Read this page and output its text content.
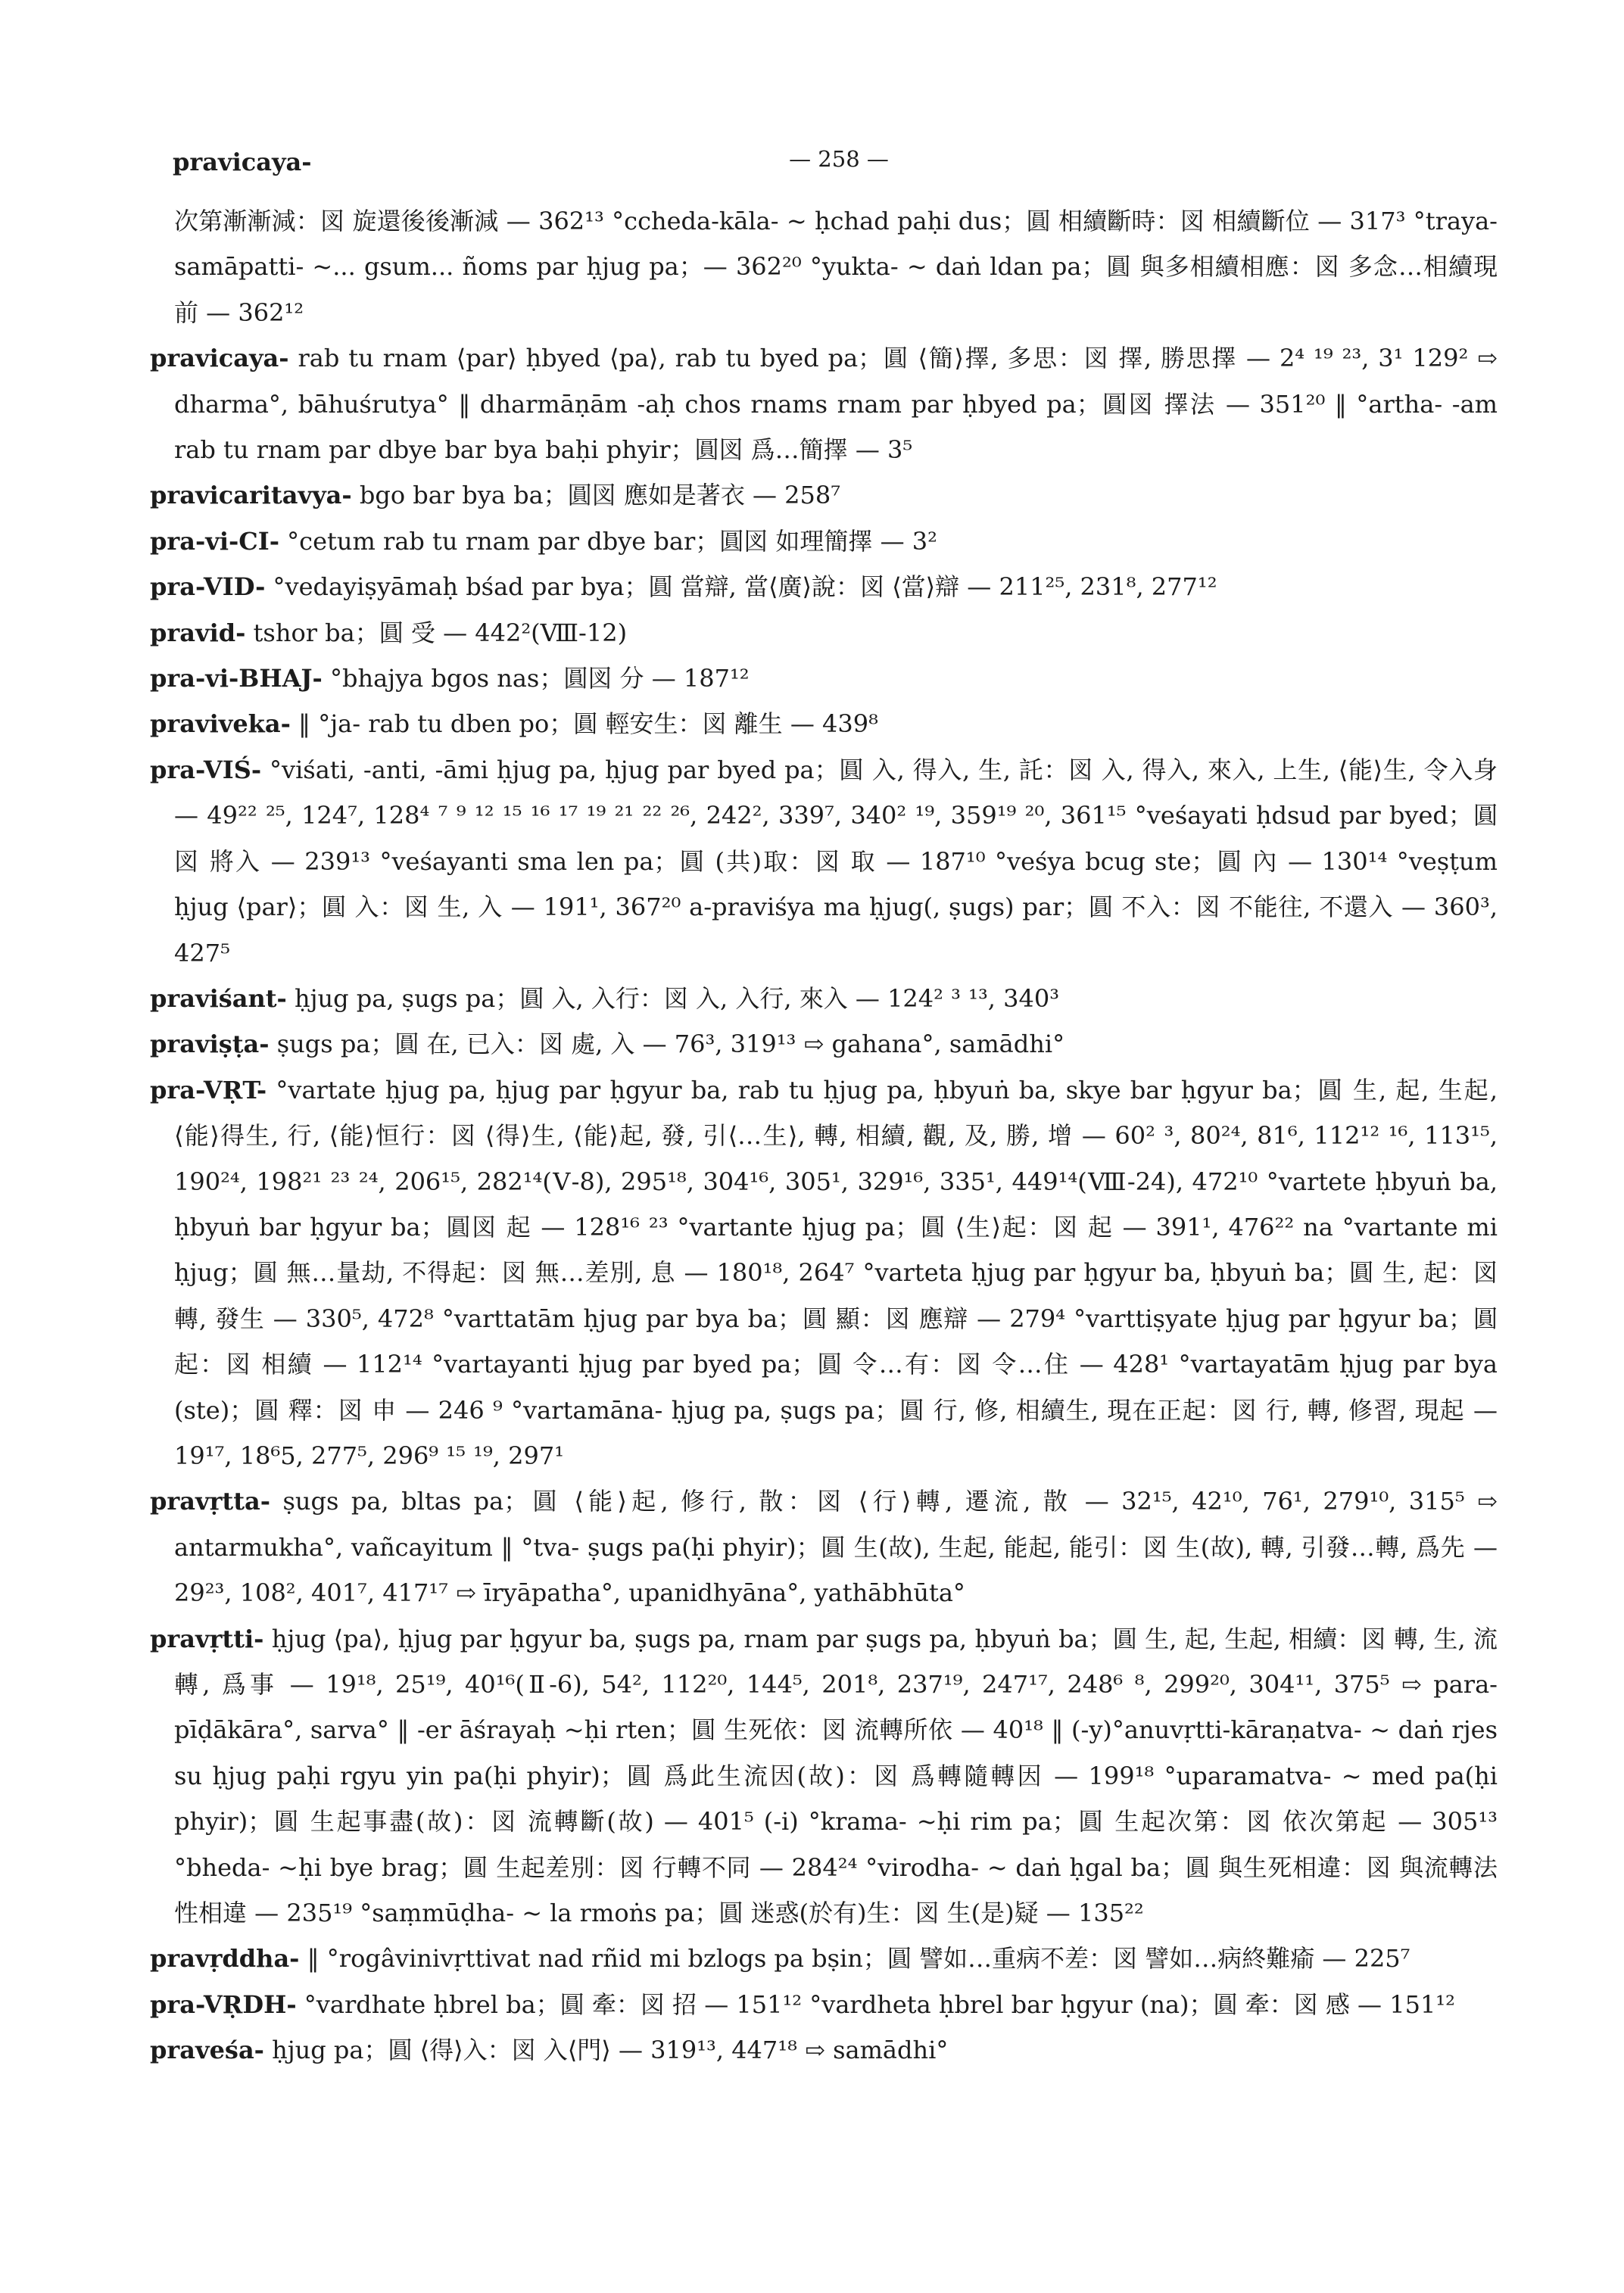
pravicaya-	— 258 —
次第漸漸減：図 旋還後後漸減 — 362¹³ °ccheda-kāla- ~ ḥchad paḥi dus；圓 相續斷時：図 相續斷位 — 317³ °traya-samāpatti- ~... gsum... ñoms par ḥjug pa；— 362²⁰ °yukta- ~ daṅ ldan pa；圓 與多相續相應：図 多念…相續現前 — 362¹²
pravicaya- rab tu rnam ⟨par⟩ ḥbyed ⟨pa⟩, rab tu byed pa；圓 ⟨簡⟩擇, 多思：図 擇, 勝思擇 — 2⁴ ¹⁹ ²³, 3¹ 129² ⇨ dharma°, bāhuśrutya° ‖ dharmāṇām -aḥ chos rnams rnam par ḥbyed pa；圓図 擇法 — 351²⁰ ‖ °artha- -am rab tu rnam par dbye bar bya baḥi phyir；圓図 爲…簡擇 — 3⁵
pravicaritavya- bgo bar bya ba；圓図 應如是著衣 — 258⁷
pra-vi-CI- °cetum rab tu rnam par dbye bar；圓図 如理簡擇 — 3²
pra-VID- °vedayiṣyāmaḥ bśad par bya；圓 當辯, 當⟨廣⟩說：図 ⟨當⟩辯 — 211²⁵, 231⁸, 277¹²
pravid- tshor ba；圓 受 — 442²(Ⅷ-12)
pra-vi-BHAJ- °bhajya bgos nas；圓図 分 — 187¹²
praviveka- ‖ °ja- rab tu dben po；圓 輕安生：図 離生 — 439⁸
pra-VIŚ- °viśati, -anti, -āmi ḥjug pa, ḥjug par byed pa；圓 入, 得入, 生, 託：図 入, 得入, 來入, 上生, ⟨能⟩生, 令入身 — 49²² ²⁵, 124⁷, 128⁴ ⁷ ⁹ ¹² ¹⁵ ¹⁶ ¹⁷ ¹⁹ ²¹ ²² ²⁶, 242², 339⁷, 340² ¹⁹, 359¹⁹ ²⁰, 361¹⁵ °veśayati ḥdsud par byed；圓図 將入 — 239¹³ °veśayanti sma len pa；圓 (共)取：図 取 — 187¹⁰ °veśya bcug ste；圓 內 — 130¹⁴ °veṣṭum ḥjug ⟨par⟩；圓 入：図 生, 入 — 191¹, 367²⁰ a-praviśya ma ḥjug(, ṣugs) par；圓 不入：図 不能往, 不還入 — 360³, 427⁵
praviśant- ḥjug pa, ṣugs pa；圓 入, 入行：図 入, 入行, 來入 — 124² ³ ¹³, 340³
praviṣṭa- ṣugs pa；圓 在, 已入：図 處, 入 — 76³, 319¹³ ⇨ gahana°, samādhi°
pra-VṚT- °vartate ḥjug pa, ḥjug par ḥgyur ba, rab tu ḥjug pa, ḥbyuṅ ba, skye bar ḥgyur ba；圓 生, 起, 生起, ⟨能⟩得生, 行, ⟨能⟩恒行：図 ⟨得⟩生, ⟨能⟩起, 發, 引⟨…生⟩, 轉, 相續, 觀, 及, 勝, 增 — 60² ³, 80²⁴, 81⁶, 112¹² ¹⁶, 113¹⁵, 190²⁴, 198²¹ ²³ ²⁴, 206¹⁵, 282¹⁴(Ⅴ-8), 295¹⁸, 304¹⁶, 305¹, 329¹⁶, 335¹, 449¹⁴(Ⅷ-24), 472¹⁰ °vartete ḥbyuṅ ba, ḥbyuṅ bar ḥgyur ba；圓図 起 — 128¹⁶ ²³ °vartante ḥjug pa；圓 ⟨生⟩起：図 起 — 391¹, 476²² na °vartante mi ḥjug；圓 無…量劫, 不得起：図 無…差別, 息 — 180¹⁸, 264⁷ °varteta ḥjug par ḥgyur ba, ḥbyuṅ ba；圓 生, 起：図 轉, 發生 — 330⁵, 472⁸ °varttatām ḥjug par bya ba；圓 顯：図 應辯 — 279⁴ °varttiṣyate ḥjug par ḥgyur ba；圓 起：図 相續 — 112¹⁴ °vartayanti ḥjug par byed pa；圓 令…有：図 令…住 — 428¹ °vartayatām ḥjug par bya (ste)；圓 釋：図 申 — 246 ⁹ °vartamāna- ḥjug pa, ṣugs pa；圓 行, 修, 相續生, 現在正起：図 行, 轉, 修習, 現起 — 19¹⁷, 18⁶5, 277⁵, 296⁹ ¹⁵ ¹⁹, 297¹
pravṛtta- ṣugs pa, bltas pa；圓 ⟨能⟩起, 修行, 散：図 ⟨行⟩轉, 遷流, 散 — 32¹⁵, 42¹⁰, 76¹, 279¹⁰, 315⁵ ⇨ antarmukha°, vañcayitum ‖ °tva- ṣugs pa(ḥi phyir)；圓 生(故), 生起, 能起, 能引：図 生(故), 轉, 引發…轉, 爲先 — 29²³, 108², 401⁷, 417¹⁷ ⇨ īryāpatha°, upanidhyāna°, yathābhūta°
pravṛtti- ḥjug ⟨pa⟩, ḥjug par ḥgyur ba, ṣugs pa, rnam par ṣugs pa, ḥbyuṅ ba；圓 生, 起, 生起, 相續：図 轉, 生, 流轉, 爲事 — 19¹⁸, 25¹⁹, 40¹⁶(Ⅱ-6), 54², 112²⁰, 144⁵, 201⁸, 237¹⁹, 247¹⁷, 248⁶ ⁸, 299²⁰, 304¹¹, 375⁵ ⇨ para-pīḍākāra°, sarva° ‖ -er āśrayaḥ ~ḥi rten；圓 生死依：図 流轉所依 — 40¹⁸ ‖ (-y)°anuvṛtti-kāraṇatva- ~ daṅ rjes su ḥjug paḥi rgyu yin pa(ḥi phyir)；圓 爲此生流因(故)：図 爲轉隨轉因 — 199¹⁸ °uparamatva- ~ med pa(ḥi phyir)；圓 生起事盡(故)：図 流轉斷(故) — 401⁵ (-i) °krama- ~ḥi rim pa；圓 生起次第：図 依次第起 — 305¹³ °bheda- ~ḥi bye brag；圓 生起差別：図 行轉不同 — 284²⁴ °virodha- ~ daṅ ḥgal ba；圓 與生死相違：図 與流轉法性相違 — 235¹⁹ °saṃmūḍha- ~ la rmoṅs pa；圓 迷惑(於有)生：図 生(是)疑 — 135²²
pravṛddha- ‖ °rogâvinivṛttivat nad rñid mi bzlogs pa bṣin；圓 譬如…重病不差：図 譬如…病終難瘉 — 225⁷
pra-VṚDH- °vardhate ḥbrel ba；圓 牽：図 招 — 151¹² °vardheta ḥbrel bar ḥgyur (na)；圓 牽：図 感 — 151¹²
praveśa- ḥjug pa；圓 ⟨得⟩入：図 入⟨門⟩ — 319¹³, 447¹⁸ ⇨ samādhi°
